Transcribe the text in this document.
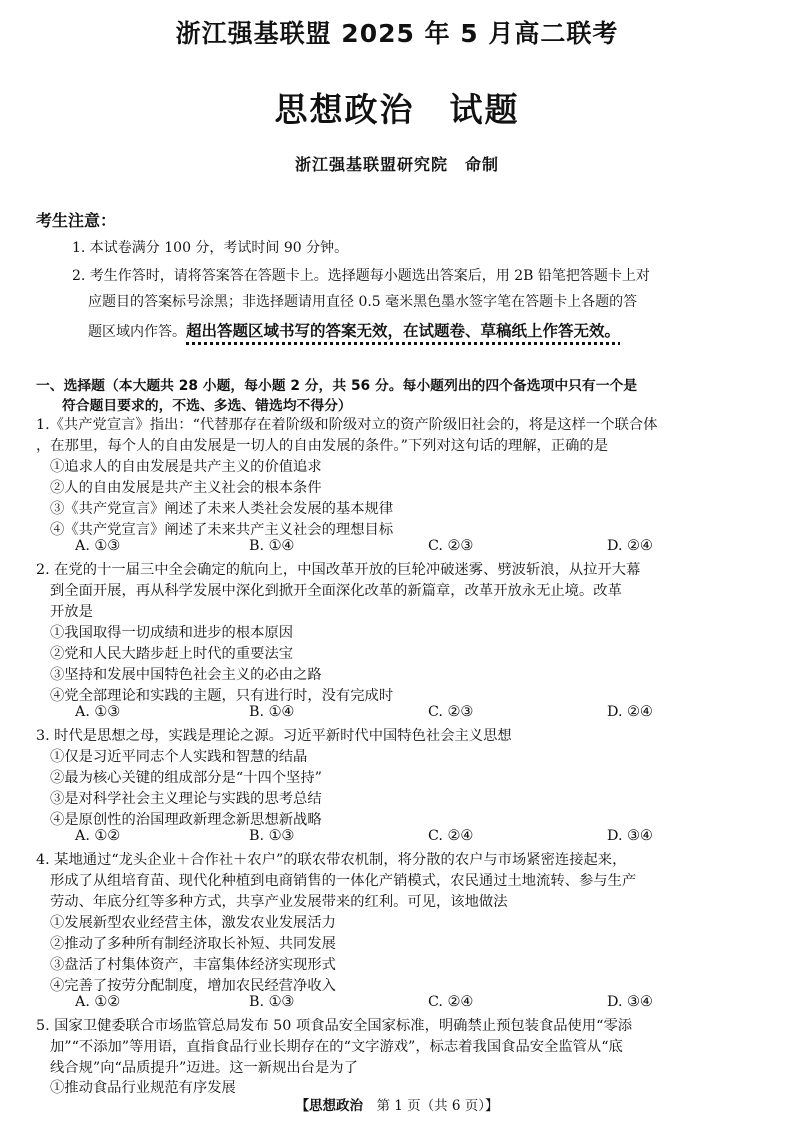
浙江强基联盟 2025 年 5 月高二联考
思想政治　试题
浙江强基联盟研究院　命制
考生注意：
1. 本试卷满分 100 分，考试时间 90 分钟。
2. 考生作答时，请将答案答在答题卡上。选择题每小题选出答案后，用 2B 铅笔把答题卡上对
应题目的答案标号涂黑；非选择题请用直径 0.5 毫米黑色墨水签字笔在答题卡上各题的答
题区域内作答。超出答题区域书写的答案无效，在试题卷、草稿纸上作答无效。
一、选择题（本大题共 28 小题，每小题 2 分，共 56 分。每小题列出的四个备选项中只有一个是
符合题目要求的，不选、多选、错选均不得分）
1.《共产党宣言》指出：“代替那存在着阶级和阶级对立的资产阶级旧社会的，将是这样一个联合体
，在那里，每个人的自由发展是一切人的自由发展的条件。”下列对这句话的理解，正确的是
①追求人的自由发展是共产主义的价值追求
②人的自由发展是共产主义社会的根本条件
③《共产党宣言》阐述了未来人类社会发展的基本规律
④《共产党宣言》阐述了未来共产主义社会的理想目标
A. ①③	B. ①④	C. ②③	D. ②④
2. 在党的十一届三中全会确定的航向上，中国改革开放的巨轮冲破迷雾、劈波斩浪，从拉开大幕
到全面开展，再从科学发展中深化到掀开全面深化改革的新篇章，改革开放永无止境。改革
开放是
①我国取得一切成绩和进步的根本原因
②党和人民大踏步赶上时代的重要法宝
③坚持和发展中国特色社会主义的必由之路
④党全部理论和实践的主题，只有进行时，没有完成时
A. ①③	B. ①④	C. ②③	D. ②④
3. 时代是思想之母，实践是理论之源。习近平新时代中国特色社会主义思想
①仅是习近平同志个人实践和智慧的结晶
②最为核心关键的组成部分是“十四个坚持”
③是对科学社会主义理论与实践的思考总结
④是原创性的治国理政新理念新思想新战略
A. ①②	B. ①③	C. ②④	D. ③④
4. 某地通过“龙头企业＋合作社＋农户”的联农带农机制，将分散的农户与市场紧密连接起来，
形成了从组培育苗、现代化种植到电商销售的一体化产销模式，农民通过土地流转、参与生产
劳动、年底分红等多种方式，共享产业发展带来的红利。可见，该地做法
①发展新型农业经营主体，激发农业发展活力
②推动了多种所有制经济取长补短、共同发展
③盘活了村集体资产，丰富集体经济实现形式
④完善了按劳分配制度，增加农民经营净收入
A. ①②	B. ①③	C. ②④	D. ③④
5. 国家卫健委联合市场监管总局发布 50 项食品安全国家标准，明确禁止预包装食品使用“零添
加”“不添加”等用语，直指食品行业长期存在的“文字游戏”，标志着我国食品安全监管从“底
线合规”向“品质提升”迈进。这一新规出台是为了
①推动食品行业规范有序发展
【思想政治　第 1 页（共 6 页）】
